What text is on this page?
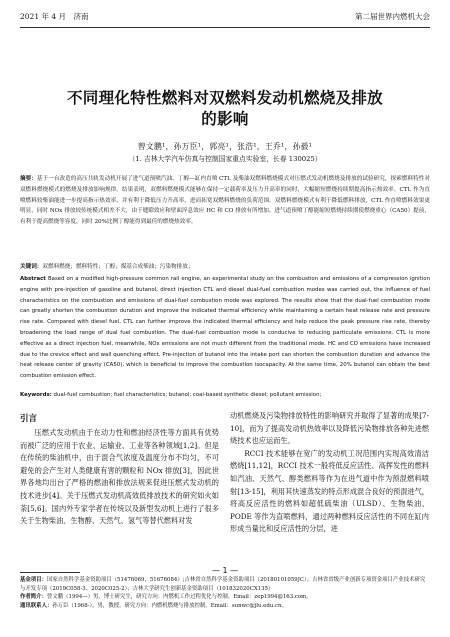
2021 年 4 月　济南	第二届世界内燃机大会
不同理化特性燃料对双燃料发动机燃烧及排放
的影响
曾文鹏¹，孙万臣¹，郭亮¹，张浩¹，王乔¹，孙毅¹
（1. 吉林大学汽车仿真与控制国家重点实验室，长春 130025）
摘要：基于一台改造的高压共轨发动机开展了进气道预喷汽油、丁醇—缸内直喷 CTL 及柴油双燃料燃烧模式对压燃式发动机燃烧及排放的试验研究，探索燃料特性对双燃料燃烧模式的燃烧及排放影响规律。结果表明，双燃料燃烧模式能够在保持一定载荷率及压力升高率的同时，大幅缩短燃烧持续期提高指示热效率。CTL 作为直喷燃料较柴油能进一步提高指示热效率，并有利于降低压力升高率，进而拓宽双燃料燃烧的负荷范围。双燃料燃烧模式有利于降低燃料排放，CTL 作直喷燃料效果更明显，同时 NOx 排放较传统模式相差不大，由于缝隙效应和壁面淬息效应 HC 和 CO 排放有所增加。进气道预喷丁醇能缩短燃烧持续期使燃烧重心（CA50）提前，有利于提高燃烧等容度，同时 20%比例丁醇能得到最佳的燃烧热效率。
关键词：双燃料燃烧；燃料特性；丁醇；煤基合成柴油；污染物排放；
Abstract Based on a modified high-pressure common rail engine, an experimental study on the combustion and emissions of a compression ignition engine with pre-injection of gasoline and butanol, direct injection CTL and diesel dual-fuel combustion modes was carried out, the influence of fuel characteristics on the combustion and emissions of dual-fuel combustion mode was explored. The results show that the dual-fuel combustion mode can greatly shorten the combustion duration and improve the indicated thermal efficiency while maintaining a certain heat release rate and pressure rise rate. Compared with diesel fuel, CTL can further improve the indicated thermal efficiency and help reduce the peak pressure rise rate, thereby broadening the load range of dual fuel combustion. The dual-fuel combustion mode is conducive to reducing particulate emissions. CTL is more effective as a direct injection fuel, meanwhile, NOx emissions are not much different from the traditional mode. HC and CO emissions have increased due to the crevice effect and wall quenching effect. Pre-injection of butanol into the intake port can shorten the combustion duration and advance the heat release center of gravity (CA50), which is beneficial to improve the combustion isocapacity. At the same time, 20% butanol can obtain the best combustion emission effect.
Keywords: dual-fuel combustion; fuel characteristics; butanol; coal-based synthetic diesel; pollutant emission;
引言

压燃式发动机由于在动力性和燃油经济性等方面具有优势而被广泛的应用于农业、运输业、工业等各种领域[1,2]。但是在传统的柴油机中，由于混合气浓度及温度分布不均匀，不可避免的会产生对人类健康有害的颗粒和 NOx 排放[3]，因此世界各地均出台了严格的燃油和排放法规来促进压燃式发动机的技术进步[4]。关于压燃式发动机高效低排放技术的研究如火如荼[5,6]。国内外专家学者在传统以及新型发动机上进行了很多关于生物柴油、生物醇、天然气、氢气等替代燃料对发

动机燃烧及污染物排放特性的影响研究并取得了显著的成果[7-10]，而为了提高发动机热效率以及降低污染物排放各种先进燃烧技术也应运而生。

RCCI 技术能够在宽广的发动机工况范围内实现高效清洁燃烧[11,12]，RCCI 技术一般将低反应活性、高挥发性的燃料如汽油、天然气、醇类燃料等作为在进气道中作为预混燃料喷射[13-15]，利用其快速蒸发的特点形成混合良好的预混进气，将高反应活性的燃料如超低硫柴油（ULSD）、生物柴油、PODE 等作为直喷燃料，通过两种燃料反应活性的不同在缸内形成当量比和反应活性的分层，进

— 1 —

基金项目：国家自然科学基金资助项目（51476069，51676084）;吉林省自然科学基金资助项目（20180101059JC）；吉林省省级产业创新专项资金项目产业技术研究与开发专项（2019C058-3、2020C025-2）；吉林大学研究生创新基金资助项目（101832020CX135）

作者简介：曾文鹏（1994—）男，博士研究生，研究方向：内燃机工作过程优化与控制。Email：zep1994@163.com。

通讯联系人：孙万臣（1968-），男，教授，研究方向：内燃机燃烧与排放控制。Email：sunwc@jlu.edu.cn。
